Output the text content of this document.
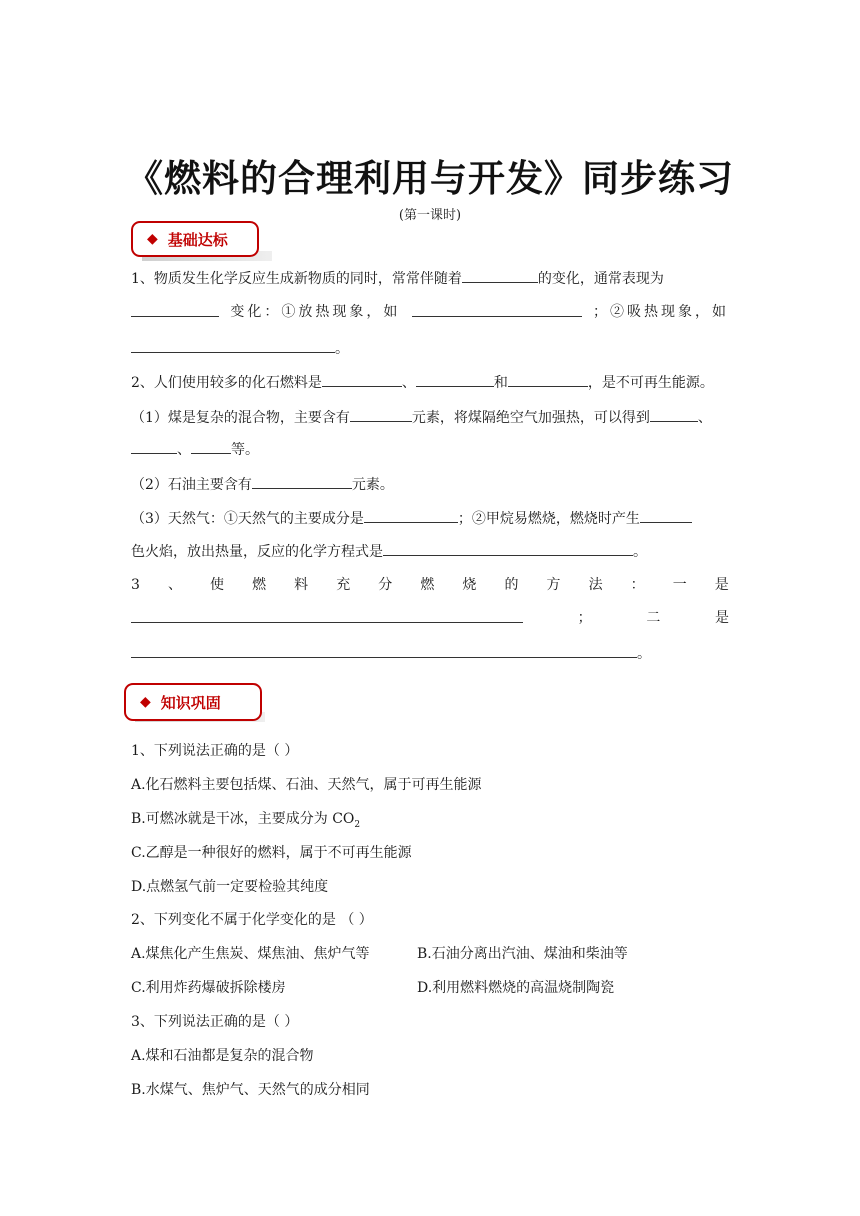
《燃料的合理利用与开发》同步练习
(第一课时)
◆ 基础达标
1、物质发生化学反应生成新物质的同时，常常伴随着	的变化，通常表现为
变化：①放热现象，如	；②吸热现象，如
。
2、人们使用较多的化石燃料是	、	和	，是不可再生能源。
（1）煤是复杂的混合物，主要含有	元素，将煤隔绝空气加强热，可以得到	、
、	等。
（2）石油主要含有	元素。
（3）天然气：①天然气的主要成分是	；②甲烷易燃烧，燃烧时产生
色火焰，放出热量，反应的化学方程式是	。
3 、 使 燃 料 充 分 燃 烧 的 方 法 ： 一 是
；	二	是
。
◆ 知识巩固
1、下列说法正确的是（ ）
A.化石燃料主要包括煤、石油、天然气，属于可再生能源
B.可燃冰就是干冰，主要成分为 $CO_2$
C.乙醇是一种很好的燃料，属于不可再生能源
D.点燃氢气前一定要检验其纯度
2、下列变化不属于化学变化的是 （ ）
A.煤焦化产生焦炭、煤焦油、焦炉气等	B.石油分离出汽油、煤油和柴油等
C.利用炸药爆破拆除楼房	D.利用燃料燃烧的高温烧制陶瓷
3、下列说法正确的是（ ）
A.煤和石油都是复杂的混合物
B.水煤气、焦炉气、天然气的成分相同
